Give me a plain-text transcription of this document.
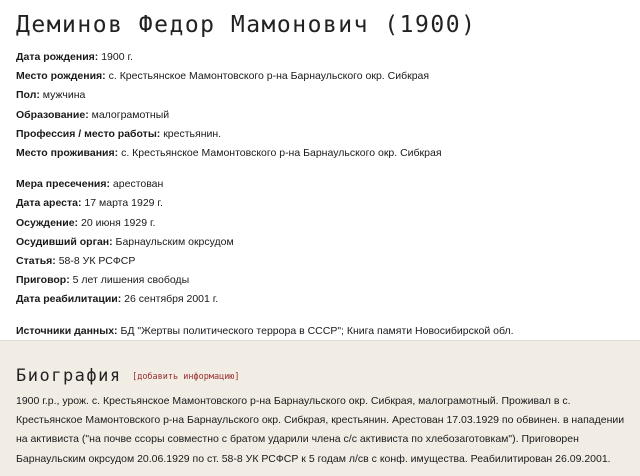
Деминов Федор Мамонович (1900)
Дата рождения: 1900 г.
Место рождения: с. Крестьянское Мамонтовского р-на Барнаульского окр. Сибкрая
Пол: мужчина
Образование: малограмотный
Профессия / место работы: крестьянин.
Место проживания: с. Крестьянское Мамонтовского р-на Барнаульского окр. Сибкрая
Мера пресечения: арестован
Дата ареста: 17 марта 1929 г.
Осуждение: 20 июня 1929 г.
Осудивший орган: Барнаульским окрсудом
Статья: 58-8 УК РСФСР
Приговор: 5 лет лишения свободы
Дата реабилитации: 26 сентября 2001 г.
Источники данных: БД "Жертвы политического террора в СССР"; Книга памяти Новосибирской обл.
Биография [добавить информацию]
1900 г.р., урож. с. Крестьянское Мамонтовского р-на Барнаульского окр. Сибкрая, малограмотный. Проживал в с. Крестьянское Мамонтовского р-на Барнаульского окр. Сибкрая, крестьянин. Арестован 17.03.1929 по обвинен. в нападении на активиста ("на почве ссоры совместно с братом ударили члена с/с активиста по хлебозаготовкам"). Приговорен Барнаульским окрсудом 20.06.1929 по ст. 58-8 УК РСФСР к 5 годам л/св с конф. имущества. Реабилитирован 26.09.2001.
